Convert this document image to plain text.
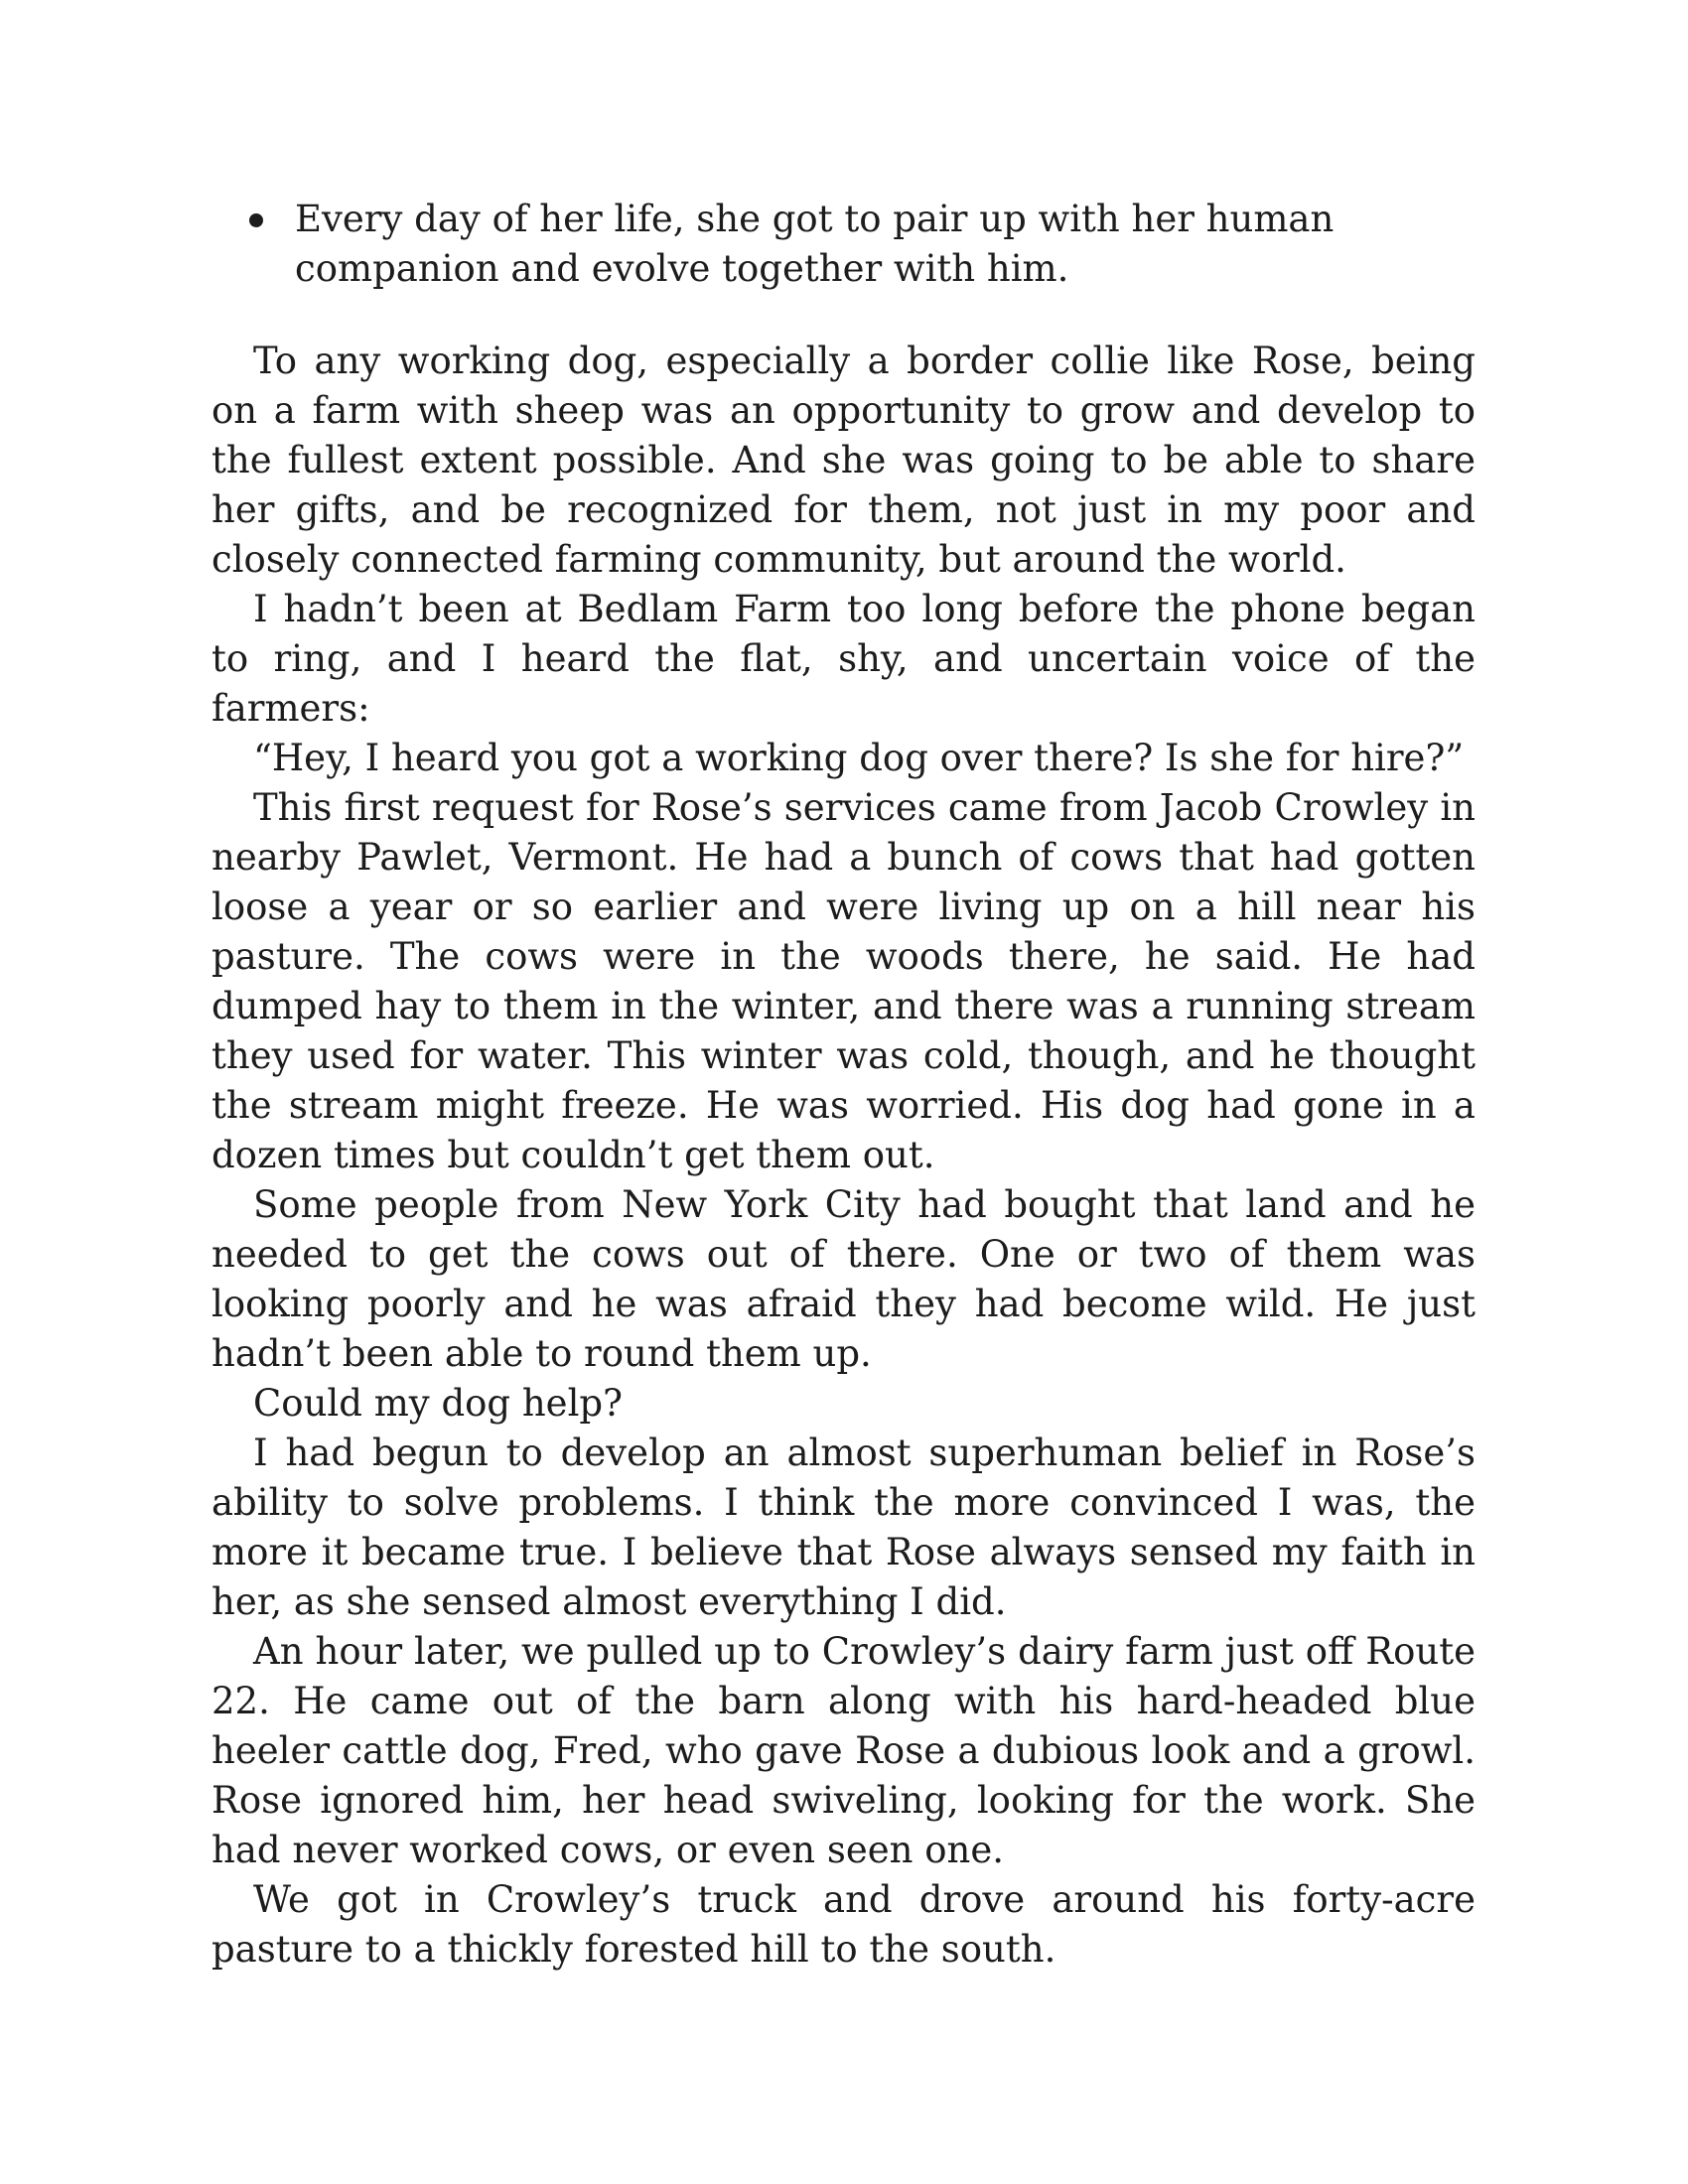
Every day of her life, she got to pair up with her human companion and evolve together with him.

To any working dog, especially a border collie like Rose, being on a farm with sheep was an opportunity to grow and develop to the fullest extent possible. And she was going to be able to share her gifts, and be recognized for them, not just in my poor and closely connected farming community, but around the world.

I hadn’t been at Bedlam Farm too long before the phone began to ring, and I heard the flat, shy, and uncertain voice of the farmers:

“Hey, I heard you got a working dog over there? Is she for hire?”

This first request for Rose’s services came from Jacob Crowley in nearby Pawlet, Vermont. He had a bunch of cows that had gotten loose a year or so earlier and were living up on a hill near his pasture. The cows were in the woods there, he said. He had dumped hay to them in the winter, and there was a running stream they used for water. This winter was cold, though, and he thought the stream might freeze. He was worried. His dog had gone in a dozen times but couldn’t get them out.

Some people from New York City had bought that land and he needed to get the cows out of there. One or two of them was looking poorly and he was afraid they had become wild. He just hadn’t been able to round them up.

Could my dog help?

I had begun to develop an almost superhuman belief in Rose’s ability to solve problems. I think the more convinced I was, the more it became true. I believe that Rose always sensed my faith in her, as she sensed almost everything I did.

An hour later, we pulled up to Crowley’s dairy farm just off Route 22. He came out of the barn along with his hard-headed blue heeler cattle dog, Fred, who gave Rose a dubious look and a growl. Rose ignored him, her head swiveling, looking for the work. She had never worked cows, or even seen one.

We got in Crowley’s truck and drove around his forty-acre pasture to a thickly forested hill to the south.
